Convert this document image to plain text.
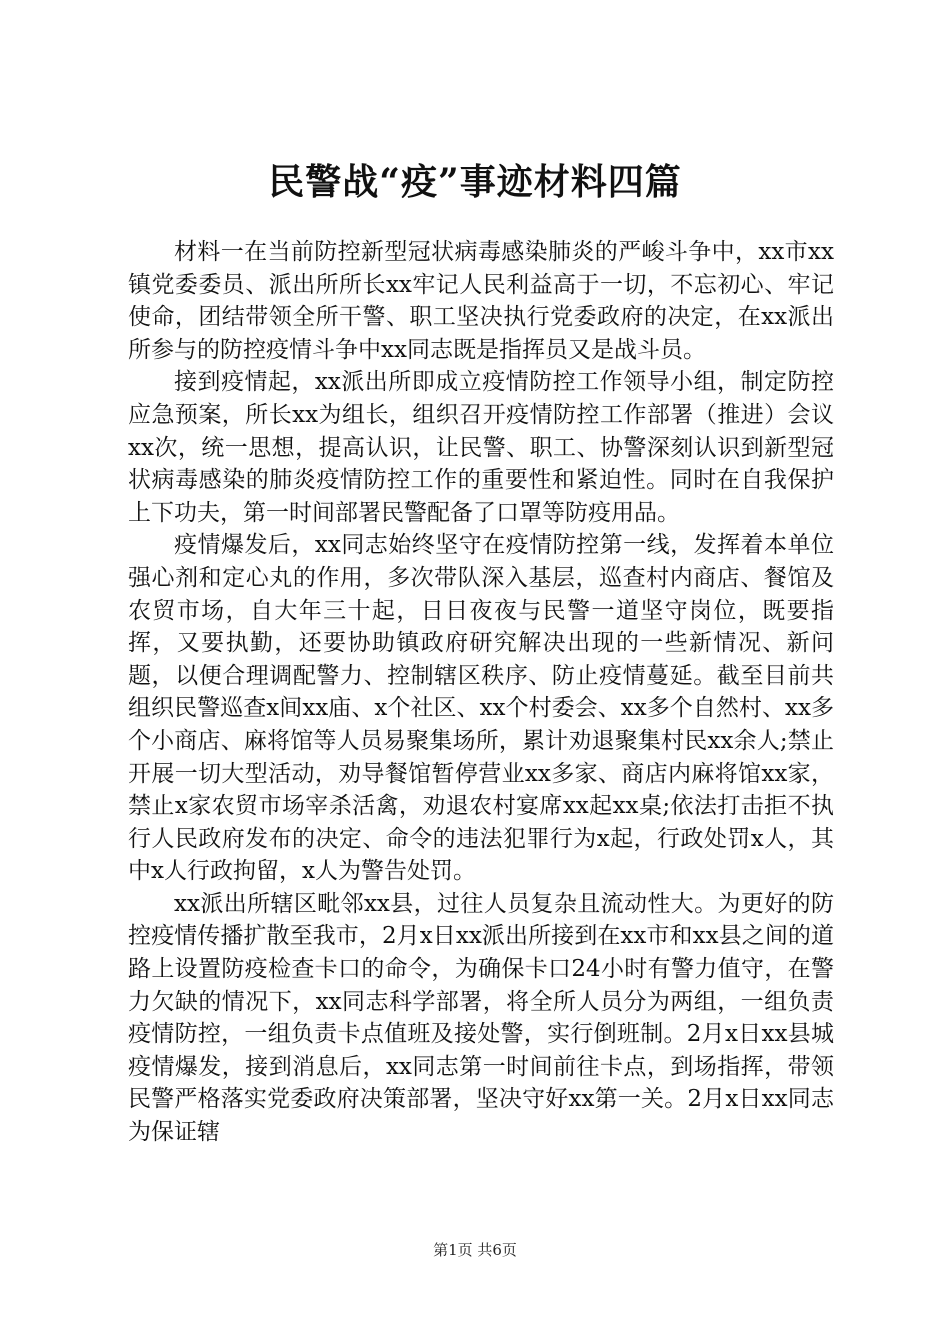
民警战“疫”事迹材料四篇

材料一在当前防控新型冠状病毒感染肺炎的严峻斗争中，xx市xx镇党委委员、派出所所长xx牢记人民利益高于一切，不忘初心、牢记使命，团结带领全所干警、职工坚决执行党委政府的决定，在xx派出所参与的防控疫情斗争中xx同志既是指挥员又是战斗员。

接到疫情起，xx派出所即成立疫情防控工作领导小组，制定防控应急预案，所长xx为组长，组织召开疫情防控工作部署（推进）会议xx次，统一思想，提高认识，让民警、职工、协警深刻认识到新型冠状病毒感染的肺炎疫情防控工作的重要性和紧迫性。同时在自我保护上下功夫，第一时间部署民警配备了口罩等防疫用品。

疫情爆发后，xx同志始终坚守在疫情防控第一线，发挥着本单位强心剂和定心丸的作用，多次带队深入基层，巡查村内商店、餐馆及农贸市场，自大年三十起，日日夜夜与民警一道坚守岗位，既要指挥，又要执勤，还要协助镇政府研究解决出现的一些新情况、新问题，以便合理调配警力、控制辖区秩序、防止疫情蔓延。截至目前共组织民警巡查x间xx庙、x个社区、xx个村委会、xx多个自然村、xx多个小商店、麻将馆等人员易聚集场所，累计劝退聚集村民xx余人;禁止开展一切大型活动，劝导餐馆暂停营业xx多家、商店内麻将馆xx家，禁止x家农贸市场宰杀活禽，劝退农村宴席xx起xx桌;依法打击拒不执行人民政府发布的决定、命令的违法犯罪行为x起，行政处罚x人，其中x人行政拘留，x人为警告处罚。

xx派出所辖区毗邻xx县，过往人员复杂且流动性大。为更好的防控疫情传播扩散至我市，2月x日xx派出所接到在xx市和xx县之间的道路上设置防疫检查卡口的命令，为确保卡口24小时有警力值守，在警力欠缺的情况下，xx同志科学部署，将全所人员分为两组，一组负责疫情防控，一组负责卡点值班及接处警，实行倒班制。2月x日xx县城疫情爆发，接到消息后，xx同志第一时间前往卡点，到场指挥，带领民警严格落实党委政府决策部署，坚决守好xx第一关。2月x日xx同志为保证辖

第1页 共6页
